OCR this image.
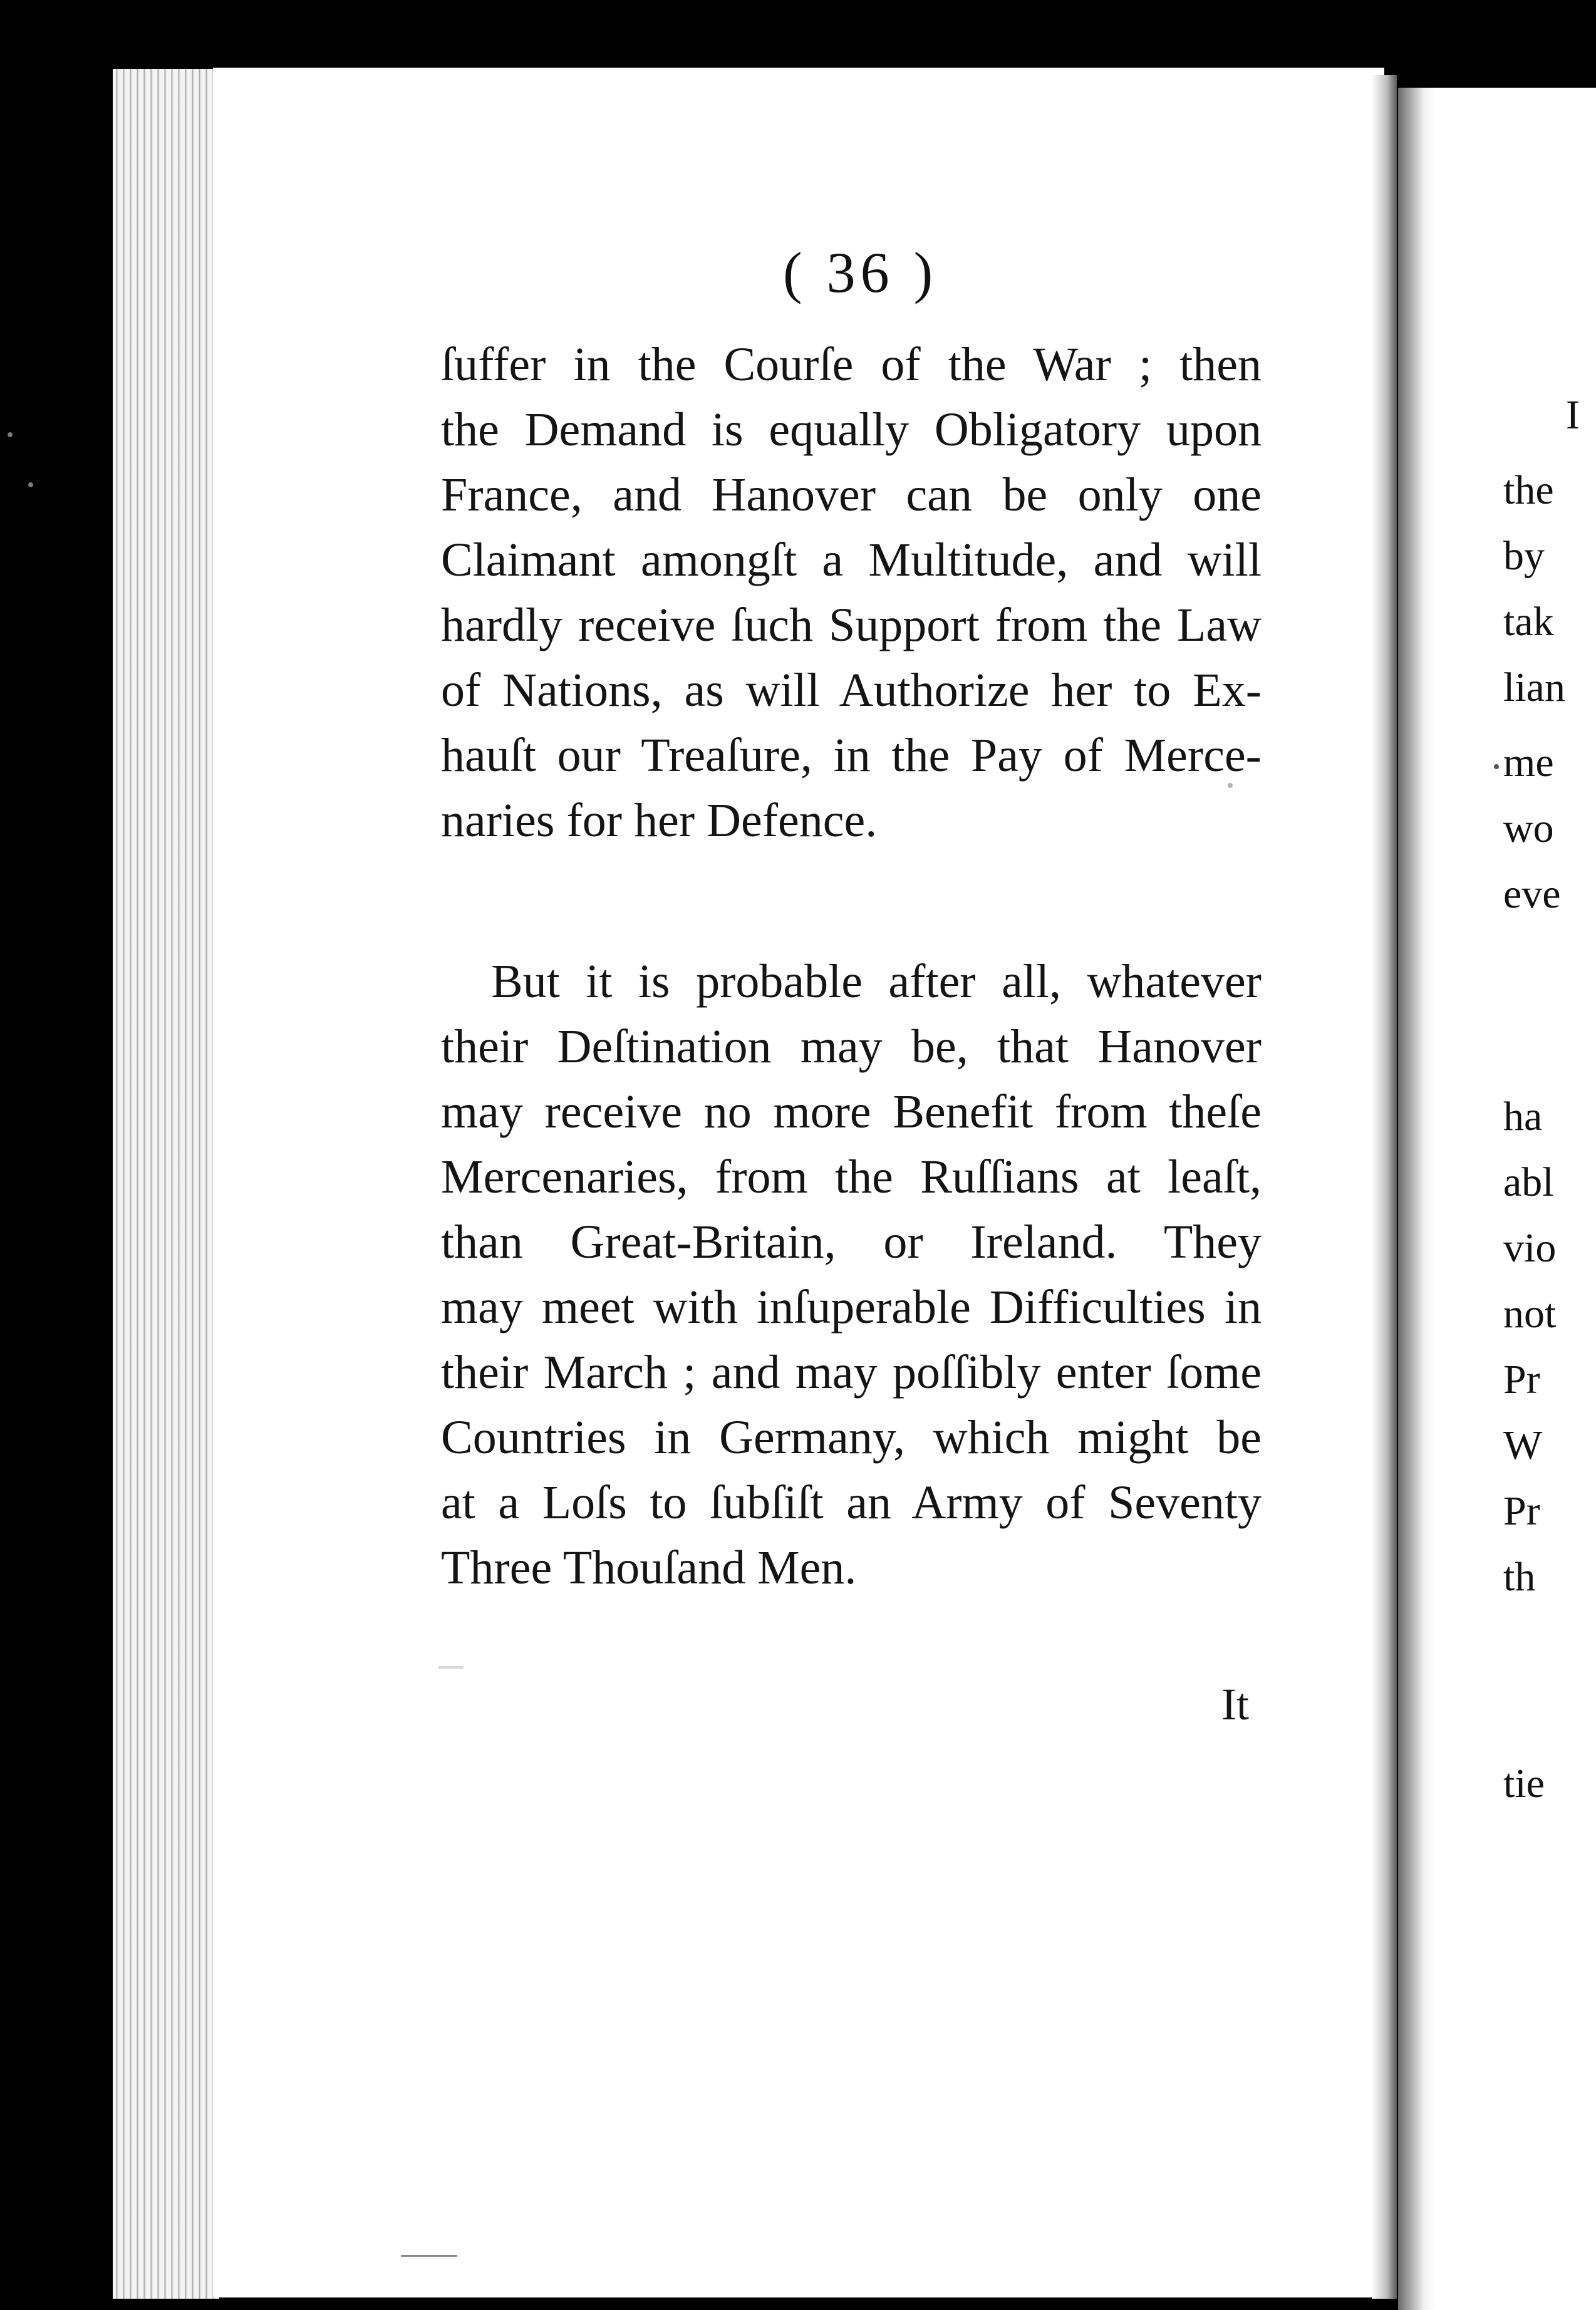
I
the
by
tak
lian
me
wo
eve
ha
abl
vio
not
Pr
W
Pr
th
tie
( 36 )
ſuffer in the Courſe of the War ; then
the Demand is equally Obligatory upon
France, and Hanover can be only one
Claimant amongſt a Multitude, and will
hardly receive ſuch Support from the Law
of Nations, as will Authorize her to Ex-
hauſt our Treaſure, in the Pay of Merce-
naries for her Defence.
But it is probable after all, whatever
their Deſtination may be, that Hanover
may receive no more Benefit from theſe
Mercenaries, from the Ruſſians at leaſt,
than Great-Britain, or Ireland. They
may meet with inſuperable Difficulties in
their March ; and may poſſibly enter ſome
Countries in Germany, which might be
at a Loſs to ſubſiſt an Army of Seventy
Three Thouſand Men.
It
